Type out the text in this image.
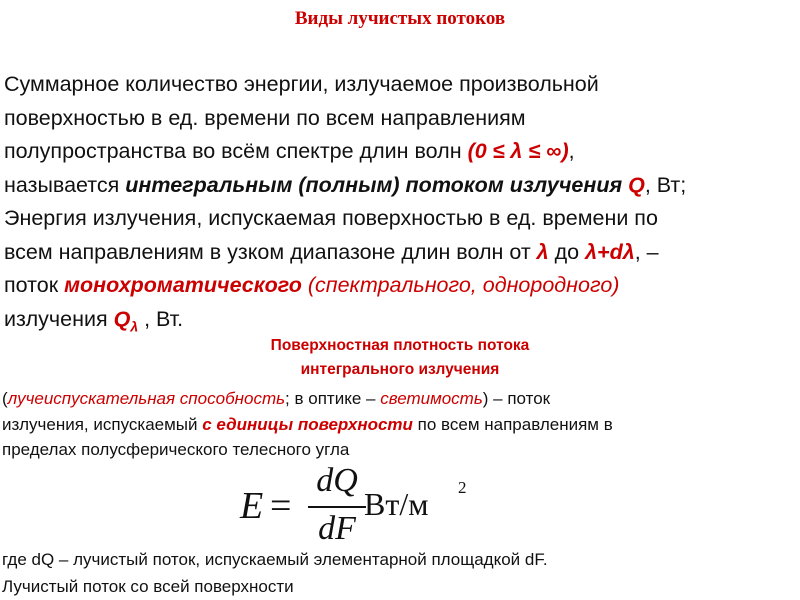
Виды лучистых потоков
Суммарное количество энергии, излучаемое произвольной
поверхностью в ед. времени по всем направлениям
полупространства во всём спектре длин волн (0 ≤ λ ≤ ∞),
называется интегральным (полным) потоком излучения Q, Вт;
Энергия излучения, испускаемая поверхностью в ед. времени по
всем направлениям в узком диапазоне длин волн от λ до λ+dλ, –
поток монохроматического (спектрального, однородного)
излучения $Q_\lambda$ , Вт.
Поверхностная плотность потока
интегрального излучения
(лучеиспускательная способность; в оптике – светимость) – поток
излучения, испускаемый с единицы поверхности по всем направлениям в
пределах полусферического телесного угла
E =
dQ
dF
Вт/м 2
где dQ – лучистый поток, испускаемый элементарной площадкой dF.
Лучистый поток со всей поверхности
